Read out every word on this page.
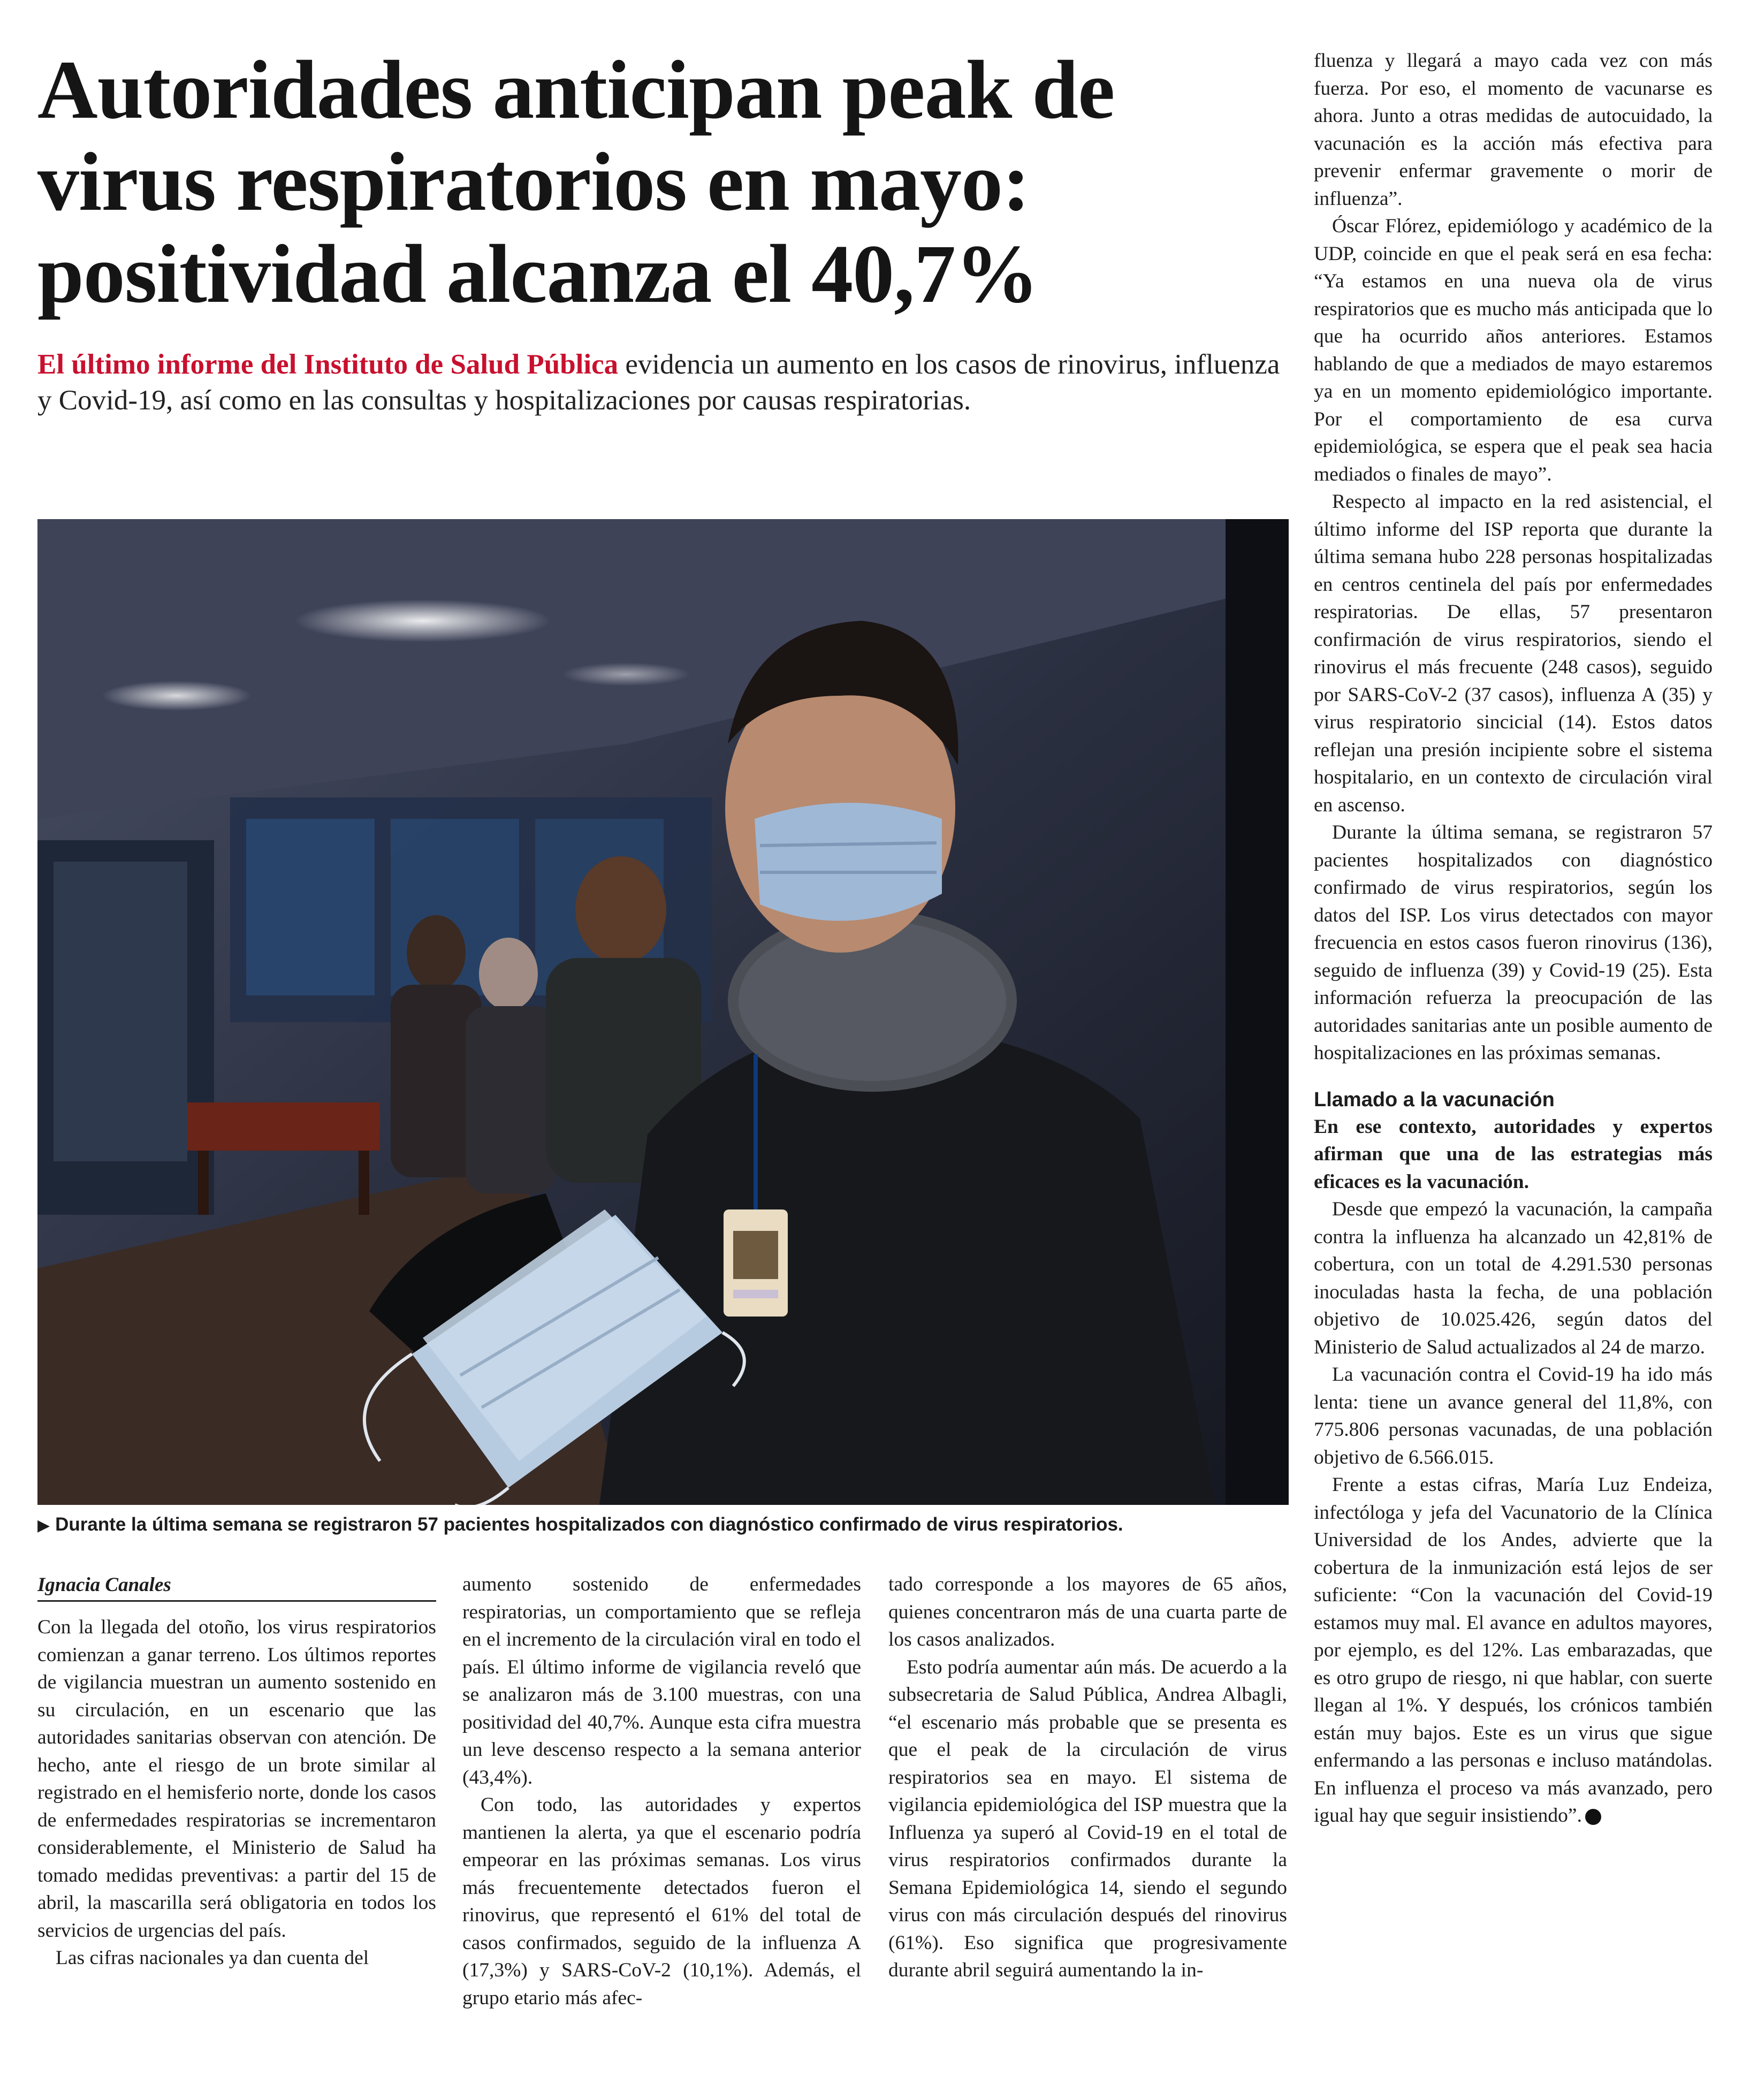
Autoridades anticipan peak de virus respiratorios en mayo: positividad alcanza el 40,7%

El último informe del Instituto de Salud Pública evidencia un aumento en los casos de rinovirus, influenza y Covid-19, así como en las consultas y hospitalizaciones por causas respiratorias.

▶ Durante la última semana se registraron 57 pacientes hospitalizados con diagnóstico confirmado de virus respiratorios.

Ignacia Canales

Con la llegada del otoño, los virus respiratorios comienzan a ganar terreno. Los últimos reportes de vigilancia muestran un aumento sostenido en su circulación, en un escenario que las autoridades sanitarias observan con atención. De hecho, ante el riesgo de un brote similar al registrado en el hemisferio norte, donde los casos de enfermedades respiratorias se incrementaron considerablemente, el Ministerio de Salud ha tomado medidas preventivas: a partir del 15 de abril, la mascarilla será obligatoria en todos los servicios de urgencias del país.

Las cifras nacionales ya dan cuenta del

aumento sostenido de enfermedades respiratorias, un comportamiento que se refleja en el incremento de la circulación viral en todo el país. El último informe de vigilancia reveló que se analizaron más de 3.100 muestras, con una positividad del 40,7%. Aunque esta cifra muestra un leve descenso respecto a la semana anterior (43,4%).

Con todo, las autoridades y expertos mantienen la alerta, ya que el escenario podría empeorar en las próximas semanas. Los virus más frecuentemente detectados fueron el rinovirus, que representó el 61% del total de casos confirmados, seguido de la influenza A (17,3%) y SARS-CoV-2 (10,1%). Además, el grupo etario más afec-

tado corresponde a los mayores de 65 años, quienes concentraron más de una cuarta parte de los casos analizados.

Esto podría aumentar aún más. De acuerdo a la subsecretaria de Salud Pública, Andrea Albagli, “el escenario más probable que se presenta es que el peak de la circulación de virus respiratorios sea en mayo. El sistema de vigilancia epidemiológica del ISP muestra que la Influenza ya superó al Covid-19 en el total de virus respiratorios confirmados durante la Semana Epidemiológica 14, siendo el segundo virus con más circulación después del rinovirus (61%). Eso significa que progresivamente durante abril seguirá aumentando la in-

fluenza y llegará a mayo cada vez con más fuerza. Por eso, el momento de vacunarse es ahora. Junto a otras medidas de autocuidado, la vacunación es la acción más efectiva para prevenir enfermar gravemente o morir de influenza”.

Óscar Flórez, epidemiólogo y académico de la UDP, coincide en que el peak será en esa fecha: “Ya estamos en una nueva ola de virus respiratorios que es mucho más anticipada que lo que ha ocurrido años anteriores. Estamos hablando de que a mediados de mayo estaremos ya en un momento epidemiológico importante. Por el comportamiento de esa curva epidemiológica, se espera que el peak sea hacia mediados o finales de mayo”.

Respecto al impacto en la red asistencial, el último informe del ISP reporta que durante la última semana hubo 228 personas hospitalizadas en centros centinela del país por enfermedades respiratorias. De ellas, 57 presentaron confirmación de virus respiratorios, siendo el rinovirus el más frecuente (248 casos), seguido por SARS-CoV-2 (37 casos), influenza A (35) y virus respiratorio sincicial (14). Estos datos reflejan una presión incipiente sobre el sistema hospitalario, en un contexto de circulación viral en ascenso.

Durante la última semana, se registraron 57 pacientes hospitalizados con diagnóstico confirmado de virus respiratorios, según los datos del ISP. Los virus detectados con mayor frecuencia en estos casos fueron rinovirus (136), seguido de influenza (39) y Covid-19 (25). Esta información refuerza la preocupación de las autoridades sanitarias ante un posible aumento de hospitalizaciones en las próximas semanas.

Llamado a la vacunación

En ese contexto, autoridades y expertos afirman que una de las estrategias más eficaces es la vacunación.

Desde que empezó la vacunación, la campaña contra la influenza ha alcanzado un 42,81% de cobertura, con un total de 4.291.530 personas inoculadas hasta la fecha, de una población objetivo de 10.025.426, según datos del Ministerio de Salud actualizados al 24 de marzo.

La vacunación contra el Covid-19 ha ido más lenta: tiene un avance general del 11,8%, con 775.806 personas vacunadas, de una población objetivo de 6.566.015.

Frente a estas cifras, María Luz Endeiza, infectóloga y jefa del Vacunatorio de la Clínica Universidad de los Andes, advierte que la cobertura de la inmunización está lejos de ser suficiente: “Con la vacunación del Covid-19 estamos muy mal. El avance en adultos mayores, por ejemplo, es del 12%. Las embarazadas, que es otro grupo de riesgo, ni que hablar, con suerte llegan al 1%. Y después, los crónicos también están muy bajos. Este es un virus que sigue enfermando a las personas e incluso matándolas. En influenza el proceso va más avanzado, pero igual hay que seguir insistiendo”.
